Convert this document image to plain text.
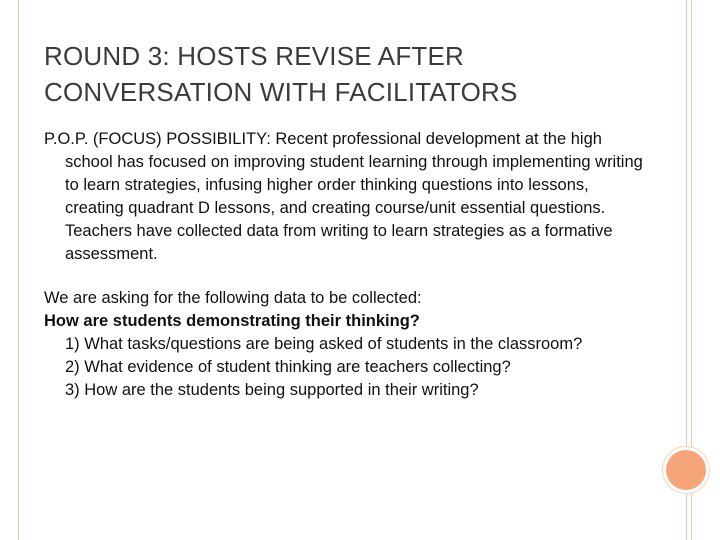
ROUND 3: HOSTS REVISE AFTER
CONVERSATION WITH FACILITATORS
P.O.P. (FOCUS) POSSIBILITY: Recent professional development at the high school has focused on improving student learning through implementing writing to learn strategies, infusing higher order thinking questions into lessons, creating quadrant D lessons, and creating course/unit essential questions. Teachers have collected data from writing to learn strategies as a formative assessment.
We are asking for the following data to be collected:
How are students demonstrating their thinking?
1) What tasks/questions are being asked of students in the classroom?
2) What evidence of student thinking are teachers collecting?
3) How are the students being supported in their writing?
